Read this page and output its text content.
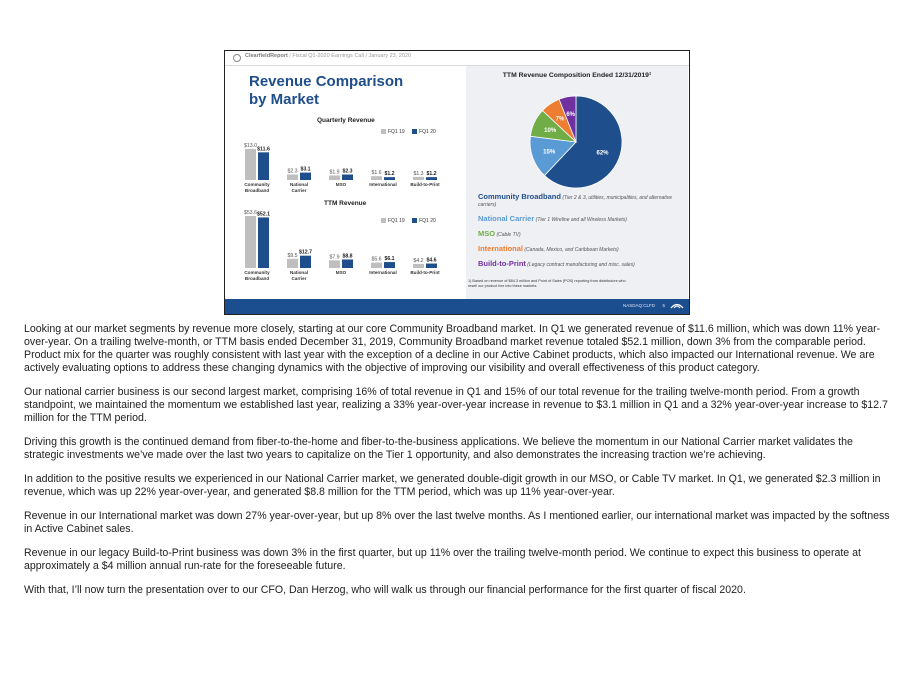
ClearfieldReport / Fiscal Q1-2020 Earnings Call / January 23, 2020
Revenue Comparison
by Market
Quarterly Revenue
FQ1 19	FQ1 20
$13.0
$11.6
Community
Broadband
$2.3 $3.1
National
Carrier
$1.9 $2.3
MSO
$1.6 $1.2
International
$1.3 $1.2
Build-to-Print
TTM Revenue
FQ1 19	FQ1 20
$53.6 $52.1
Community
Broadband
$9.5
$12.7
National
Carrier
$7.9 $8.8
MSO
$5.6 $6.1
International
$4.2 $4.6
Build-to-Print
TTM Revenue Composition Ended 12/31/2019¹
62%
15%
10%
7%
6%
Community Broadband (Tier 2 & 3, utilities, municipalities, and alternative carriers)
National Carrier (Tier 1 Wireline and all Wireless Markets)
MSO (Cable TV)
International (Canada, Mexico, and Caribbean Markets)
Build-to-Print (Legacy contract manufacturing and misc. sales)
1) Based on revenue of $84.3 million and Point of Sales (POS) reporting from distributors who resell our product line into these markets.
NASDAQ:CLFD 5

Looking at our market segments by revenue more closely, starting at our core Community Broadband market. In Q1 we generated revenue of $11.6 million, which was down 11% year-over-year. On a trailing twelve-month, or TTM basis ended December 31, 2019, Community Broadband market revenue totaled $52.1 million, down 3% from the comparable period. Product mix for the quarter was roughly consistent with last year with the exception of a decline in our Active Cabinet products, which also impacted our International revenue. We are actively evaluating options to address these changing dynamics with the objective of improving our visibility and overall effectiveness of this product category.

Our national carrier business is our second largest market, comprising 16% of total revenue in Q1 and 15% of our total revenue for the trailing twelve-month period. From a growth standpoint, we maintained the momentum we established last year, realizing a 33% year-over-year increase in revenue to $3.1 million in Q1 and a 32% year-over-year increase to $12.7 million for the TTM period.

Driving this growth is the continued demand from fiber-to-the-home and fiber-to-the-business applications. We believe the momentum in our National Carrier market validates the strategic investments we’ve made over the last two years to capitalize on the Tier 1 opportunity, and also demonstrates the increasing traction we’re achieving.

In addition to the positive results we experienced in our National Carrier market, we generated double-digit growth in our MSO, or Cable TV market. In Q1, we generated $2.3 million in revenue, which was up 22% year-over-year, and generated $8.8 million for the TTM period, which was up 11% year-over-year.

Revenue in our International market was down 27% year-over-year, but up 8% over the last twelve months. As I mentioned earlier, our international market was impacted by the softness in Active Cabinet sales.

Revenue in our legacy Build-to-Print business was down 3% in the first quarter, but up 11% over the trailing twelve-month period. We continue to expect this business to operate at approximately a $4 million annual run-rate for the foreseeable future.

With that, I’ll now turn the presentation over to our CFO, Dan Herzog, who will walk us through our financial performance for the first quarter of fiscal 2020.
